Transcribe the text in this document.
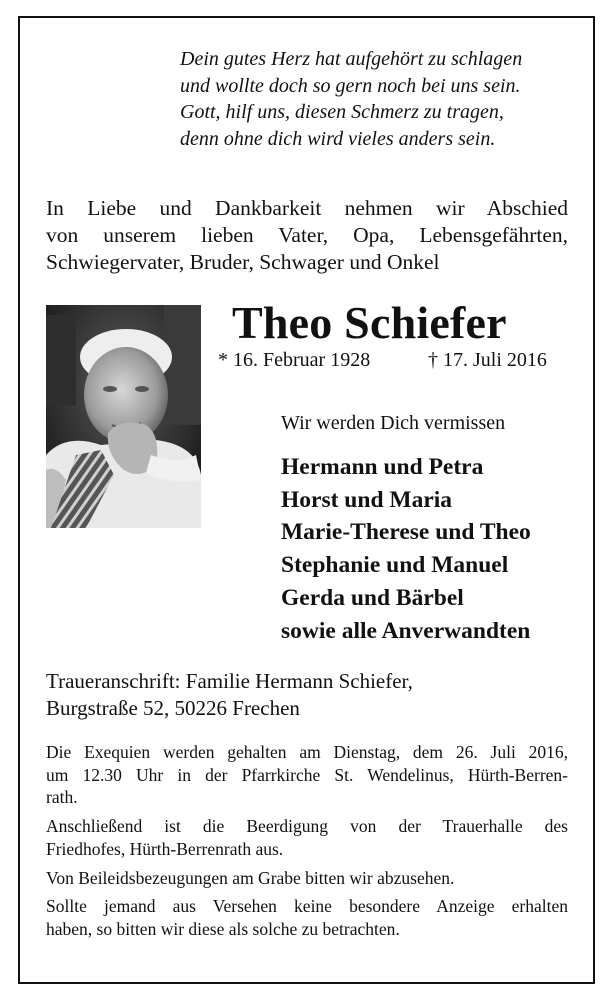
Dein gutes Herz hat aufgehört zu schlagen
und wollte doch so gern noch bei uns sein.
Gott, hilf uns, diesen Schmerz zu tragen,
denn ohne dich wird vieles anders sein.
In Liebe und Dankbarkeit nehmen wir Abschied
von unserem lieben Vater, Opa, Lebensgefährten,
Schwiegervater, Bruder, Schwager und Onkel
Theo Schiefer
* 16. Februar 1928	† 17. Juli 2016
Wir werden Dich vermissen
Hermann und Petra
Horst und Maria
Marie-Therese und Theo
Stephanie und Manuel
Gerda und Bärbel
sowie alle Anverwandten
Traueranschrift: Familie Hermann Schiefer,
Burgstraße 52, 50226 Frechen

Die Exequien werden gehalten am Dienstag, dem 26. Juli 2016,
um 12.30 Uhr in der Pfarrkirche St. Wendelinus, Hürth-Berren-
rath.

Anschließend ist die Beerdigung von der Trauerhalle des
Friedhofes, Hürth-Berrenrath aus.

Von Beileidsbezeugungen am Grabe bitten wir abzusehen.

Sollte jemand aus Versehen keine besondere Anzeige erhalten
haben, so bitten wir diese als solche zu betrachten.
